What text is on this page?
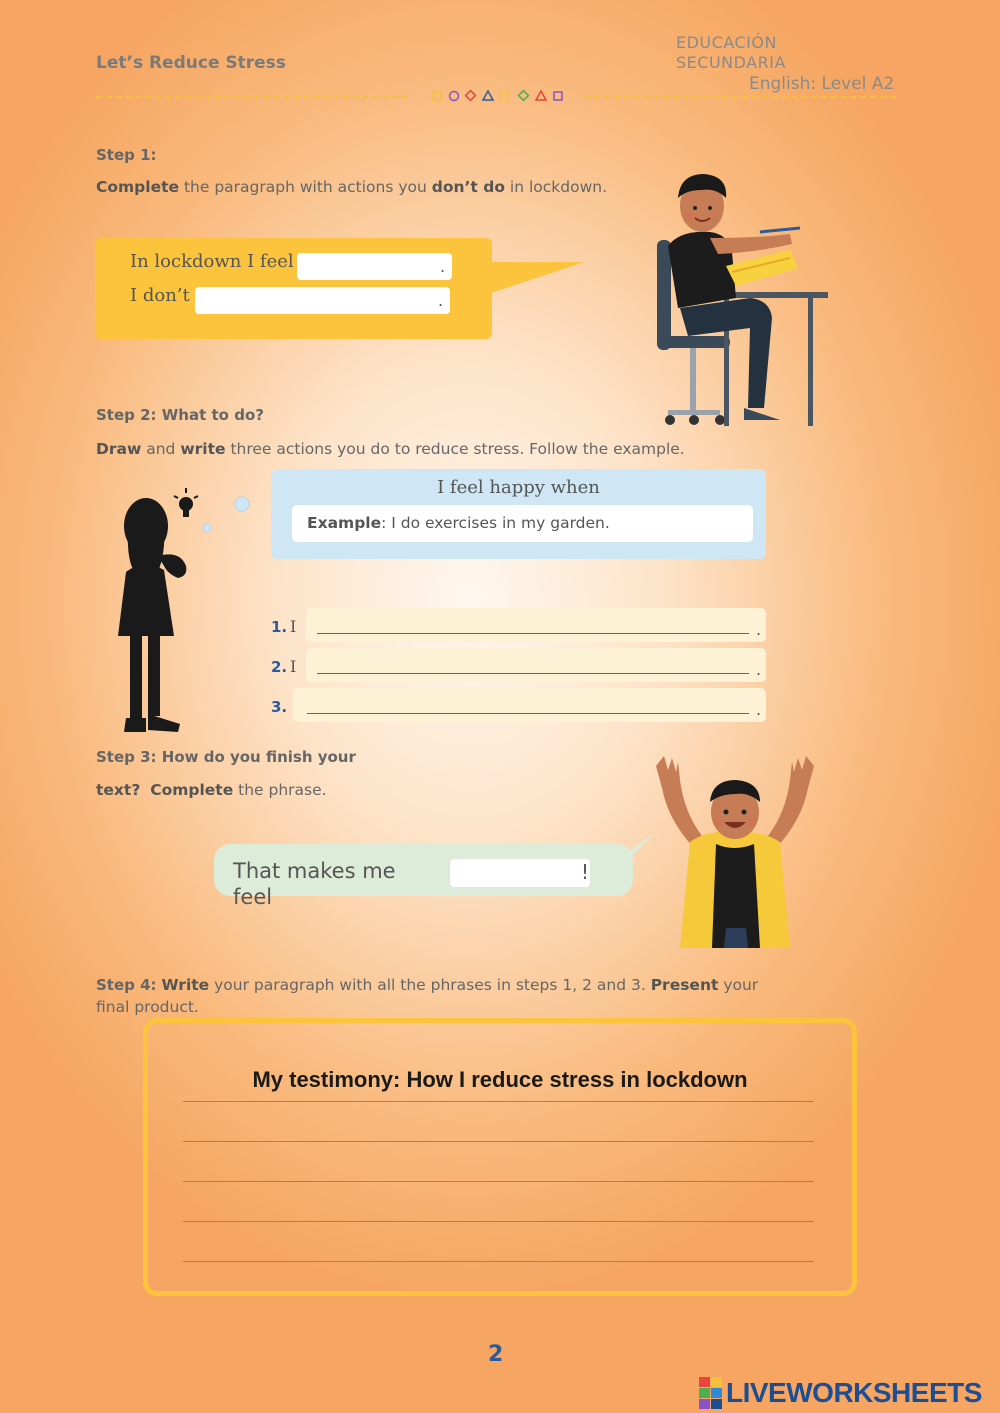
Let’s Reduce Stress
EDUCACIÓN
SECUNDARIA
English: Level A2
Step 1:
Complete the paragraph with actions you don’t do in lockdown.
In lockdown I feel	.
I don’t	.
Step 2: What to do?
Draw and write three actions you do to reduce stress. Follow the example.
I feel happy when
Example: I do exercises in my garden.
1. I	.
2. I	.
3.	.
Step 3: How do you finish your
text? Complete the phrase.
That makes me feel
!
Step 4: Write your paragraph with all the phrases in steps 1, 2 and 3. Present your
final product.
My testimony: How I reduce stress in lockdown
2
LIVEWORKSHEETS
